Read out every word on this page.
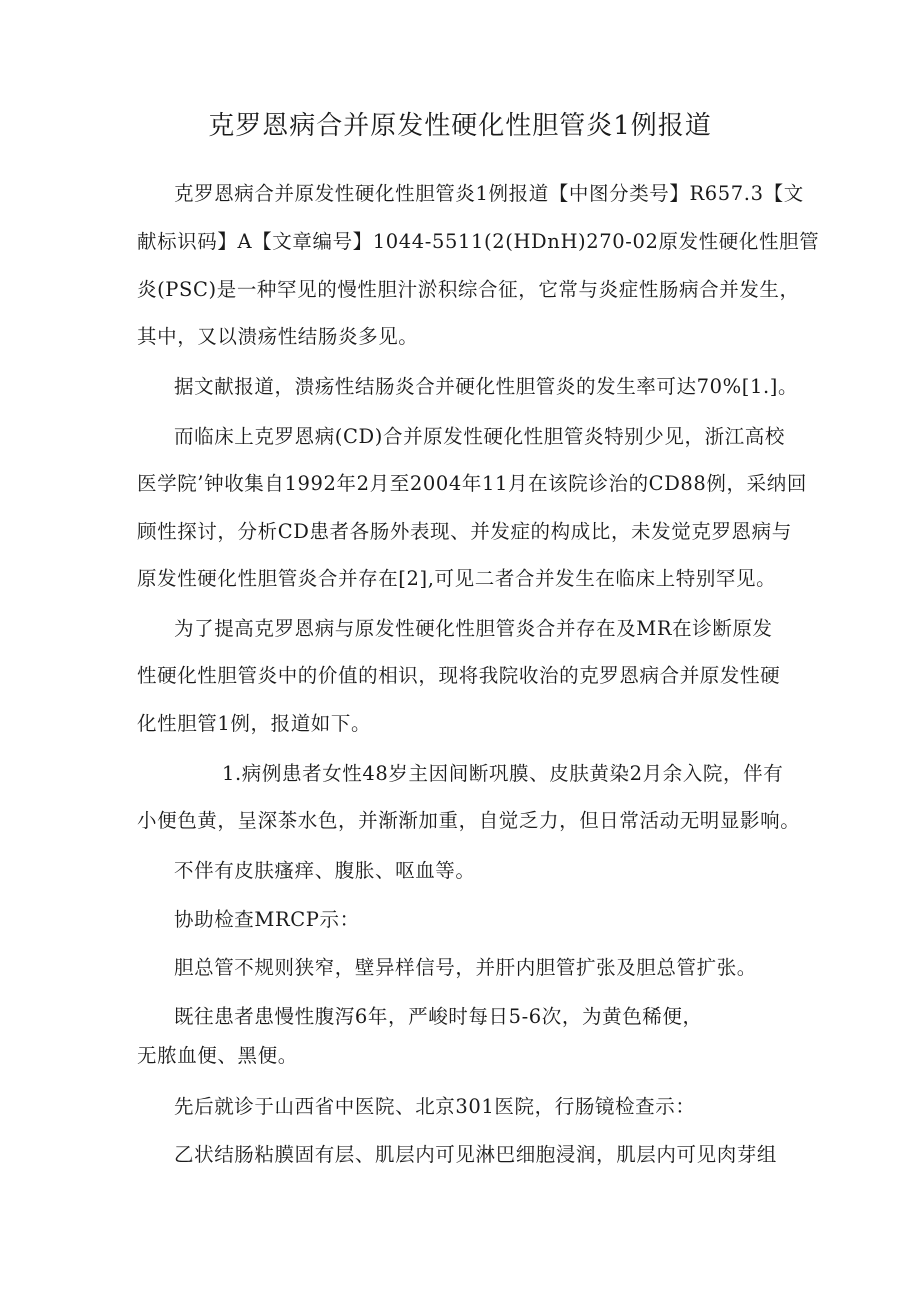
克罗恩病合并原发性硬化性胆管炎1例报道
克罗恩病合并原发性硬化性胆管炎1例报道【中图分类号】R657.3【文
献标识码】A【文章编号】1044-5511(2(HDnH)270-02原发性硬化性胆管
炎(PSC)是一种罕见的慢性胆汁淤积综合征，它常与炎症性肠病合并发生，
其中，又以溃疡性结肠炎多见。
据文献报道，溃疡性结肠炎合并硬化性胆管炎的发生率可达70%[1.]。
而临床上克罗恩病(CD)合并原发性硬化性胆管炎特别少见，浙江高校
医学院’钟收集自1992年2月至2004年11月在该院诊治的CD88例，采纳回
顾性探讨，分析CD患者各肠外表现、并发症的构成比，未发觉克罗恩病与
原发性硬化性胆管炎合并存在[2],可见二者合并发生在临床上特别罕见。
为了提高克罗恩病与原发性硬化性胆管炎合并存在及MR在诊断原发
性硬化性胆管炎中的价值的相识，现将我院收治的克罗恩病合并原发性硬
化性胆管1例，报道如下。
1.病例患者女性48岁主因间断巩膜、皮肤黄染2月余入院，伴有
小便色黄，呈深茶水色，并渐渐加重，自觉乏力，但日常活动无明显影响。
不伴有皮肤瘙痒、腹胀、呕血等。
协助检查MRCP示：
胆总管不规则狭窄，壁异样信号，并肝内胆管扩张及胆总管扩张。
既往患者患慢性腹泻6年，严峻时每日5-6次，为黄色稀便，
无脓血便、黑便。
先后就诊于山西省中医院、北京301医院，行肠镜检查示：
乙状结肠粘膜固有层、肌层内可见淋巴细胞浸润，肌层内可见肉芽组
